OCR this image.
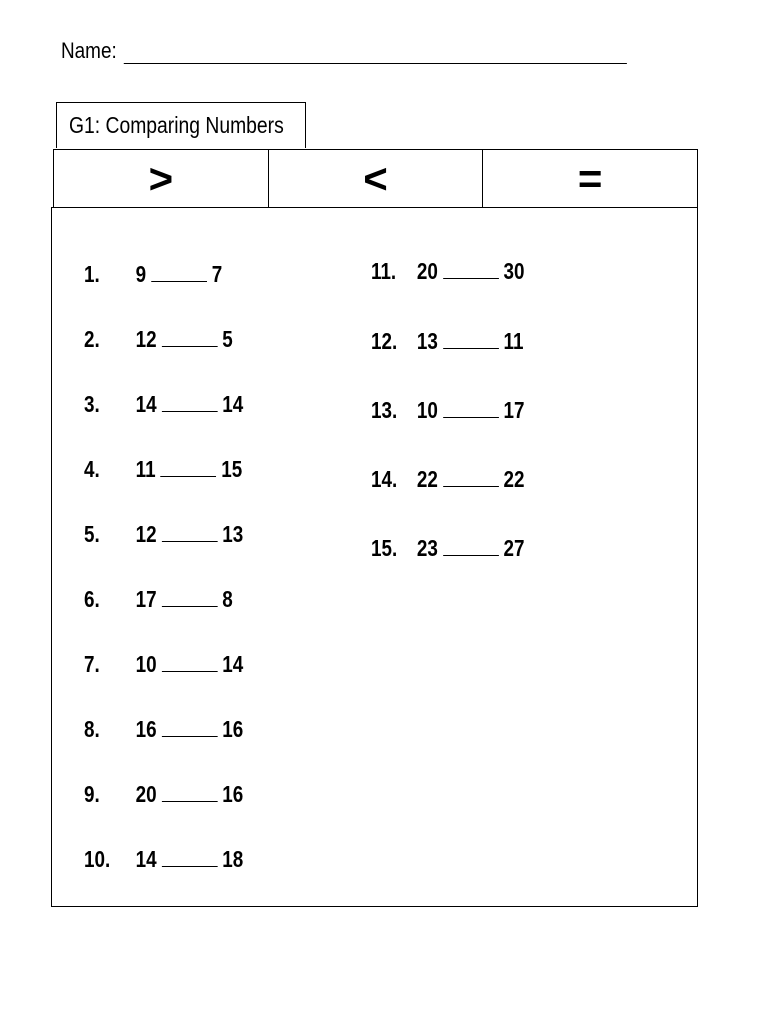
Name:
G1: Comparing Numbers
>	<	=
1. 9	7
2. 12	5
3. 14	14
4. 11	15
5. 12	13
6. 17	8
7. 10	14
8. 16	16
9. 20	16
10. 14	18
11. 20	30
12. 13	11
13. 10	17
14. 22	22
15. 23	27
